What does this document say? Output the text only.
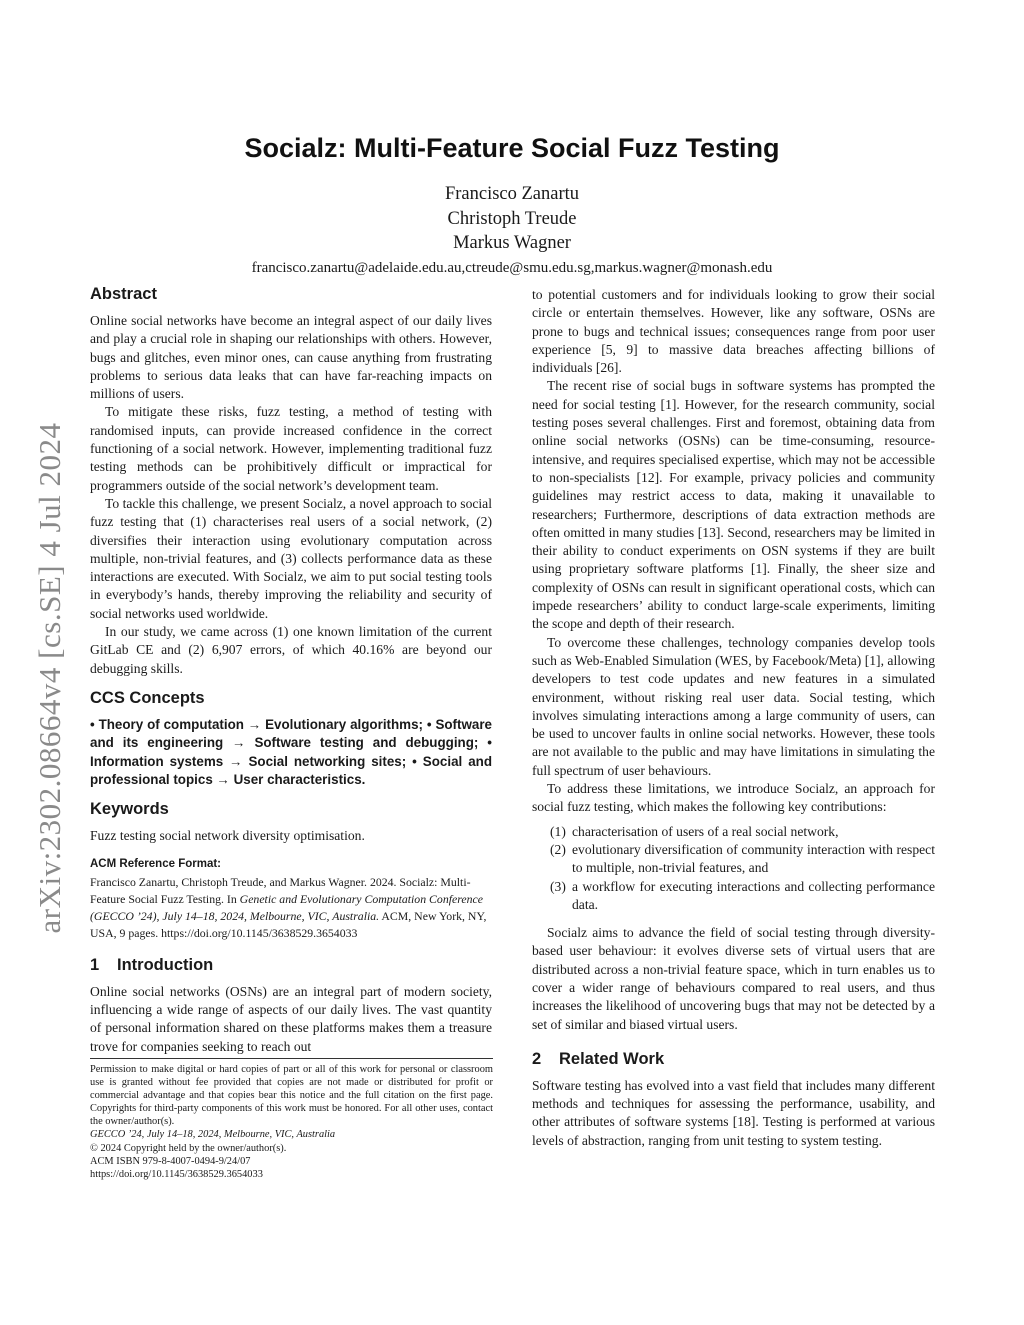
arXiv:2302.08664v4 [cs.SE] 4 Jul 2024
Socialz: Multi-Feature Social Fuzz Testing
Francisco Zanartu
Christoph Treude
Markus Wagner
francisco.zanartu@adelaide.edu.au,ctreude@smu.edu.sg,markus.wagner@monash.edu
Abstract

Online social networks have become an integral aspect of our daily lives and play a crucial role in shaping our relationships with others. However, bugs and glitches, even minor ones, can cause anything from frustrating problems to serious data leaks that can have far-reaching impacts on millions of users.

To mitigate these risks, fuzz testing, a method of testing with randomised inputs, can provide increased confidence in the correct functioning of a social network. However, implementing traditional fuzz testing methods can be prohibitively difficult or impractical for programmers outside of the social network’s development team.

To tackle this challenge, we present Socialz, a novel approach to social fuzz testing that (1) characterises real users of a social network, (2) diversifies their interaction using evolutionary computation across multiple, non-trivial features, and (3) collects performance data as these interactions are executed. With Socialz, we aim to put social testing tools in everybody’s hands, thereby improving the reliability and security of social networks used worldwide.

In our study, we came across (1) one known limitation of the current GitLab CE and (2) 6,907 errors, of which 40.16% are beyond our debugging skills.

CCS Concepts

• Theory of computation → Evolutionary algorithms; • Software and its engineering → Software testing and debugging; • Information systems → Social networking sites; • Social and professional topics → User characteristics.

Keywords

Fuzz testing social network diversity optimisation.

ACM Reference Format:

Francisco Zanartu, Christoph Treude, and Markus Wagner. 2024. Socialz: Multi-Feature Social Fuzz Testing. In Genetic and Evolutionary Computation Conference (GECCO ’24), July 14–18, 2024, Melbourne, VIC, Australia. ACM, New York, NY, USA, 9 pages. https://doi.org/10.1145/3638529.3654033

1 Introduction

Online social networks (OSNs) are an integral part of modern society, influencing a wide range of aspects of our daily lives. The vast quantity of personal information shared on these platforms makes them a treasure trove for companies seeking to reach out

Permission to make digital or hard copies of part or all of this work for personal or classroom use is granted without fee provided that copies are not made or distributed for profit or commercial advantage and that copies bear this notice and the full citation on the first page. Copyrights for third-party components of this work must be honored. For all other uses, contact the owner/author(s).
GECCO ’24, July 14–18, 2024, Melbourne, VIC, Australia
© 2024 Copyright held by the owner/author(s).
ACM ISBN 979-8-4007-0494-9/24/07
https://doi.org/10.1145/3638529.3654033

to potential customers and for individuals looking to grow their social circle or entertain themselves. However, like any software, OSNs are prone to bugs and technical issues; consequences range from poor user experience [5, 9] to massive data breaches affecting billions of individuals [26].

The recent rise of social bugs in software systems has prompted the need for social testing [1]. However, for the research community, social testing poses several challenges. First and foremost, obtaining data from online social networks (OSNs) can be time-consuming, resource-intensive, and requires specialised expertise, which may not be accessible to non-specialists [12]. For example, privacy policies and community guidelines may restrict access to data, making it unavailable to researchers; Furthermore, descriptions of data extraction methods are often omitted in many studies [13]. Second, researchers may be limited in their ability to conduct experiments on OSN systems if they are built using proprietary software platforms [1]. Finally, the sheer size and complexity of OSNs can result in significant operational costs, which can impede researchers’ ability to conduct large-scale experiments, limiting the scope and depth of their research.

To overcome these challenges, technology companies develop tools such as Web-Enabled Simulation (WES, by Facebook/Meta) [1], allowing developers to test code updates and new features in a simulated environment, without risking real user data. Social testing, which involves simulating interactions among a large community of users, can be used to uncover faults in online social networks. However, these tools are not available to the public and may have limitations in simulating the full spectrum of user behaviours.

To address these limitations, we introduce Socialz, an approach for social fuzz testing, which makes the following key contributions:

(1) characterisation of users of a real social network,
(2) evolutionary diversification of community interaction with respect to multiple, non-trivial features, and
(3) a workflow for executing interactions and collecting performance data.

Socialz aims to advance the field of social testing through diversity-based user behaviour: it evolves diverse sets of virtual users that are distributed across a non-trivial feature space, which in turn enables us to cover a wider range of behaviours compared to real users, and thus increases the likelihood of uncovering bugs that may not be detected by a set of similar and biased virtual users.

2 Related Work

Software testing has evolved into a vast field that includes many different methods and techniques for assessing the performance, usability, and other attributes of software systems [18]. Testing is performed at various levels of abstraction, ranging from unit testing to system testing.
